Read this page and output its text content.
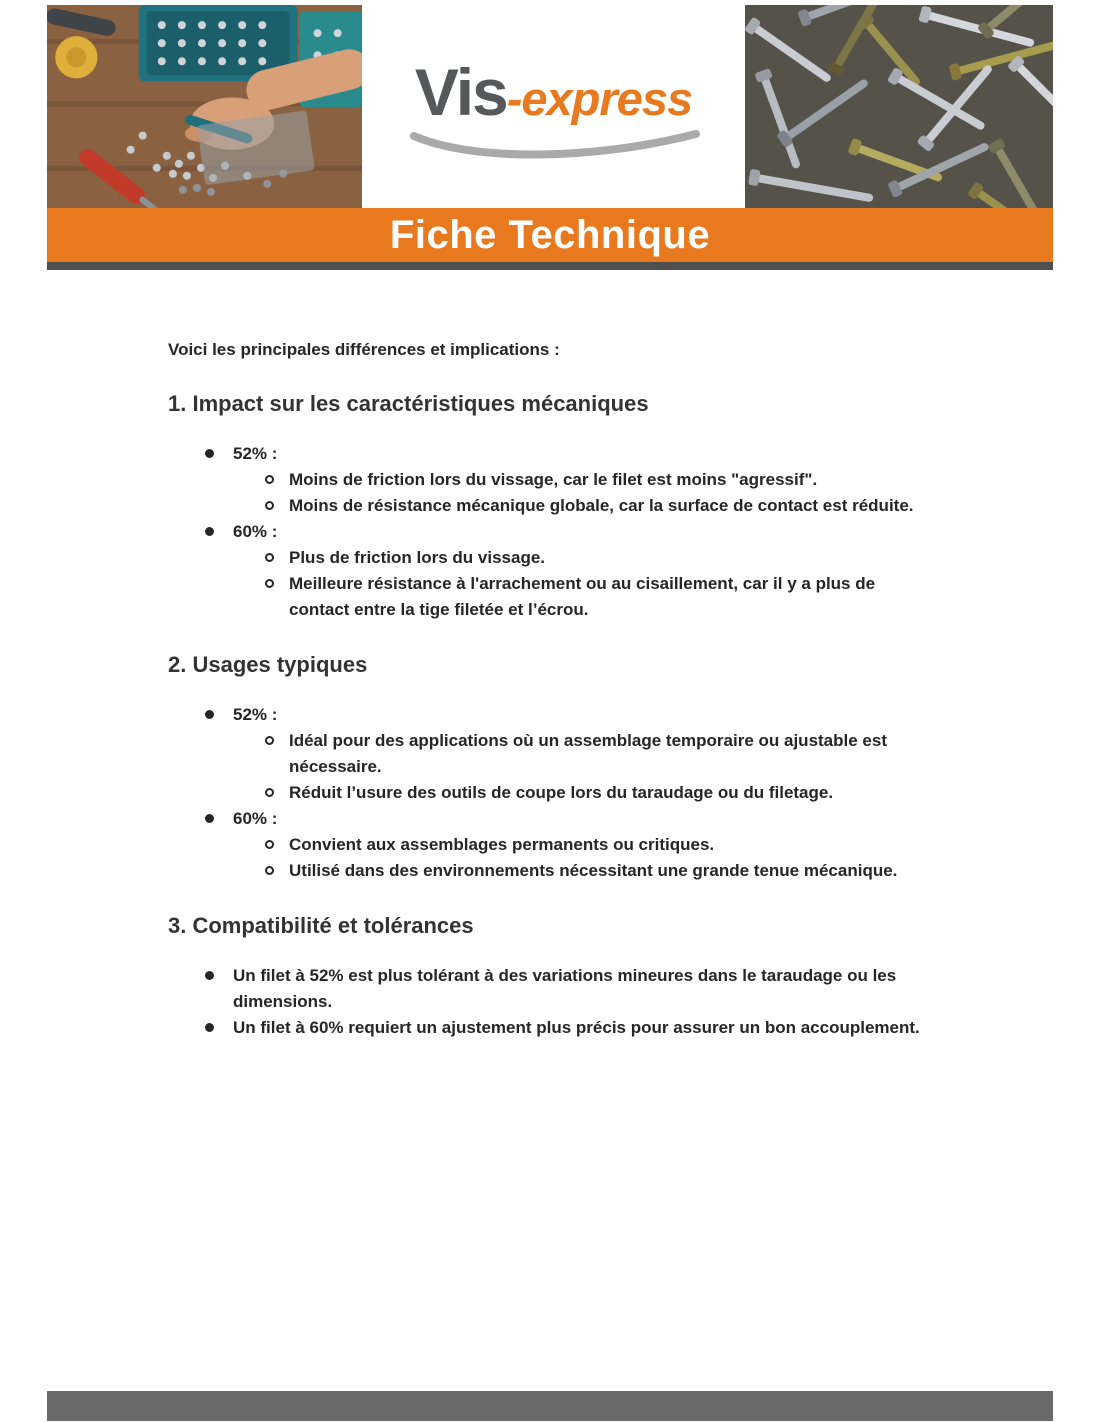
Vis -express
Fiche Technique

Voici les principales différences et implications :

1. Impact sur les caractéristiques mécaniques
52% :
Moins de friction lors du vissage, car le filet est moins "agressif".
Moins de résistance mécanique globale, car la surface de contact est réduite.
60% :
Plus de friction lors du vissage.
Meilleure résistance à l'arrachement ou au cisaillement, car il y a plus de contact entre la tige filetée et l’écrou.
2. Usages typiques
52% :
Idéal pour des applications où un assemblage temporaire ou ajustable est nécessaire.
Réduit l’usure des outils de coupe lors du taraudage ou du filetage.
60% :
Convient aux assemblages permanents ou critiques.
Utilisé dans des environnements nécessitant une grande tenue mécanique.
3. Compatibilité et tolérances
Un filet à 52% est plus tolérant à des variations mineures dans le taraudage ou les dimensions.
Un filet à 60% requiert un ajustement plus précis pour assurer un bon accouplement.
